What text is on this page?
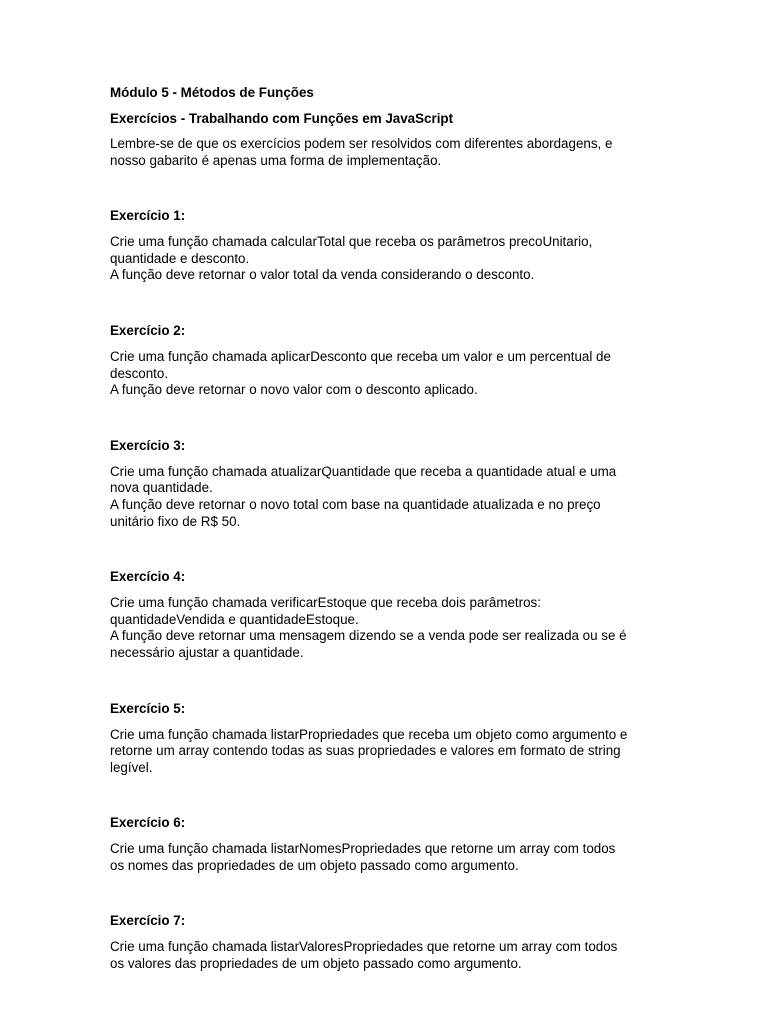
Módulo 5 - Métodos de Funções

Exercícios - Trabalhando com Funções em JavaScript

Lembre-se de que os exercícios podem ser resolvidos com diferentes abordagens, e

nosso gabarito é apenas uma forma de implementação.

Exercício 1:

Crie uma função chamada calcularTotal que receba os parâmetros precoUnitario,

quantidade e desconto.

A função deve retornar o valor total da venda considerando o desconto.

Exercício 2:

Crie uma função chamada aplicarDesconto que receba um valor e um percentual de

desconto.

A função deve retornar o novo valor com o desconto aplicado.

Exercício 3:

Crie uma função chamada atualizarQuantidade que receba a quantidade atual e uma

nova quantidade.

A função deve retornar o novo total com base na quantidade atualizada e no preço

unitário fixo de R$ 50.

Exercício 4:

Crie uma função chamada verificarEstoque que receba dois parâmetros:

quantidadeVendida e quantidadeEstoque.

A função deve retornar uma mensagem dizendo se a venda pode ser realizada ou se é

necessário ajustar a quantidade.

Exercício 5:

Crie uma função chamada listarPropriedades que receba um objeto como argumento e

retorne um array contendo todas as suas propriedades e valores em formato de string

legível.

Exercício 6:

Crie uma função chamada listarNomesPropriedades que retorne um array com todos

os nomes das propriedades de um objeto passado como argumento.

Exercício 7:

Crie uma função chamada listarValoresPropriedades que retorne um array com todos

os valores das propriedades de um objeto passado como argumento.
